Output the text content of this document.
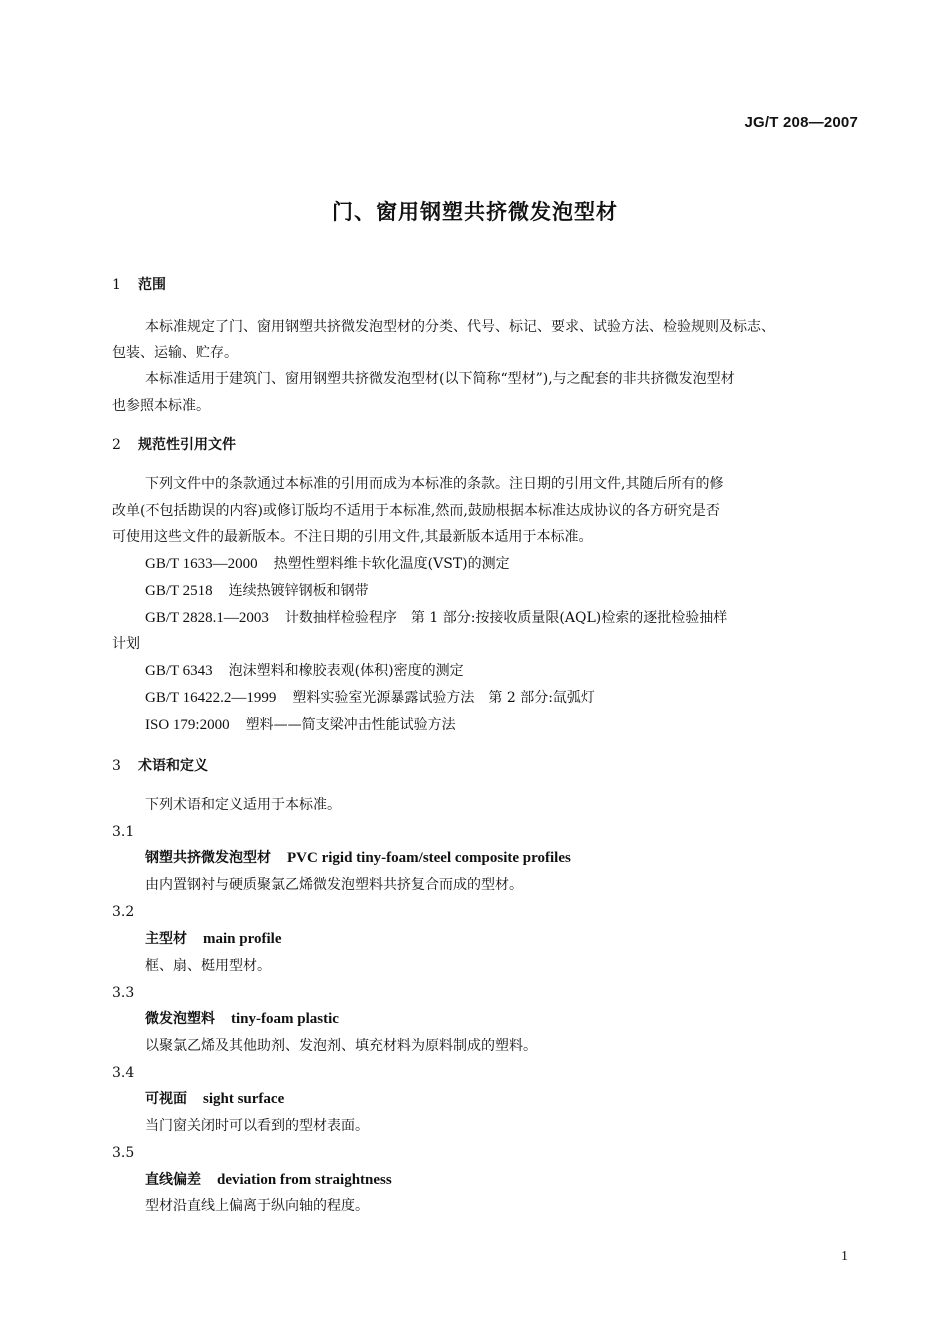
JG/T 208—2007
门、窗用钢塑共挤微发泡型材
1 范围
本标准规定了门、窗用钢塑共挤微发泡型材的分类、代号、标记、要求、试验方法、检验规则及标志、
包装、运输、贮存。
本标准适用于建筑门、窗用钢塑共挤微发泡型材(以下简称“型材”),与之配套的非共挤微发泡型材
也参照本标准。
2 规范性引用文件
下列文件中的条款通过本标准的引用而成为本标准的条款。注日期的引用文件,其随后所有的修
改单(不包括勘误的内容)或修订版均不适用于本标准,然而,鼓励根据本标准达成协议的各方研究是否
可使用这些文件的最新版本。不注日期的引用文件,其最新版本适用于本标准。
GB/T 1633—2000 热塑性塑料维卡软化温度(VST)的测定
GB/T 2518 连续热镀锌钢板和钢带
GB/T 2828.1—2003 计数抽样检验程序　第 1 部分:按接收质量限(AQL)检索的逐批检验抽样
计划
GB/T 6343 泡沫塑料和橡胶表观(体积)密度的测定
GB/T 16422.2—1999 塑料实验室光源暴露试验方法　第 2 部分:氙弧灯
ISO 179:2000 塑料——简支梁冲击性能试验方法
3 术语和定义
下列术语和定义适用于本标准。
3.1
钢塑共挤微发泡型材 PVC rigid tiny-foam/steel composite profiles
由内置钢衬与硬质聚氯乙烯微发泡塑料共挤复合而成的型材。
3.2
主型材 main profile
框、扇、梃用型材。
3.3
微发泡塑料 tiny-foam plastic
以聚氯乙烯及其他助剂、发泡剂、填充材料为原料制成的塑料。
3.4
可视面 sight surface
当门窗关闭时可以看到的型材表面。
3.5
直线偏差 deviation from straightness
型材沿直线上偏离于纵向轴的程度。
1
